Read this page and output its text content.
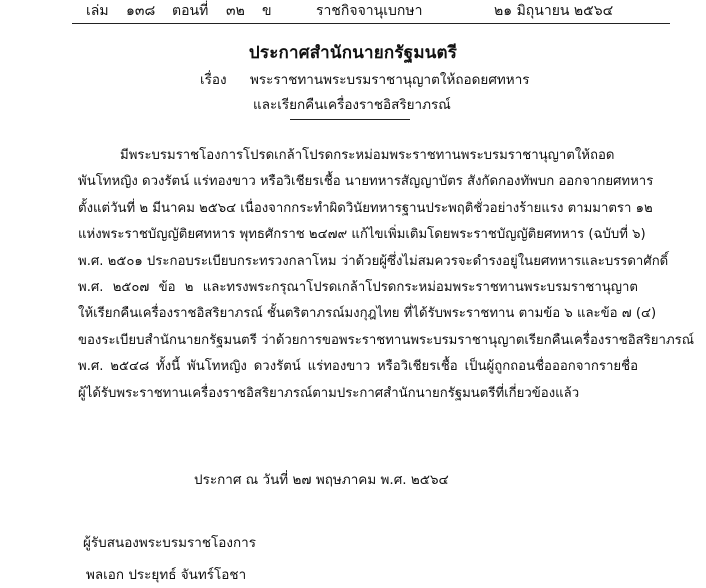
เล่ม ๑๓๘ ตอนที่ ๓๒ ข	ราชกิจจานุเบกษา	๒๑ มิถุนายน ๒๕๖๔
ประกาศสำนักนายกรัฐมนตรี
เรื่อง พระราชทานพระบรมราชานุญาตให้ถอดยศทหาร
และเรียกคืนเครื่องราชอิสริยาภรณ์
มีพระบรมราชโองการโปรดเกล้าโปรดกระหม่อมพระราชทานพระบรมราชานุญาตให้ถอด
พันโทหญิง ดวงรัตน์ แร่ทองขาว หรือวิเชียรเชื้อ นายทหารสัญญาบัตร สังกัดกองทัพบก ออกจากยศทหาร
ตั้งแต่วันที่ ๒ มีนาคม ๒๕๖๔ เนื่องจากกระทำผิดวินัยทหารฐานประพฤติชั่วอย่างร้ายแรง ตามมาตรา ๑๒
แห่งพระราชบัญญัติยศทหาร พุทธศักราช ๒๔๗๙ แก้ไขเพิ่มเติมโดยพระราชบัญญัติยศทหาร (ฉบับที่ ๖)
พ.ศ. ๒๕๐๑ ประกอบระเบียบกระทรวงกลาโหม ว่าด้วยผู้ซึ่งไม่สมควรจะดำรงอยู่ในยศทหารและบรรดาศักดิ์
พ.ศ. ๒๕๐๗ ข้อ ๒ และทรงพระกรุณาโปรดเกล้าโปรดกระหม่อมพระราชทานพระบรมราชานุญาต
ให้เรียกคืนเครื่องราชอิสริยาภรณ์ ชั้นตริตาภรณ์มงกุฎไทย ที่ได้รับพระราชทาน ตามข้อ ๖ และข้อ ๗ (๔)
ของระเบียบสำนักนายกรัฐมนตรี ว่าด้วยการขอพระราชทานพระบรมราชานุญาตเรียกคืนเครื่องราชอิสริยาภรณ์
พ.ศ. ๒๕๔๘ ทั้งนี้ พันโทหญิง ดวงรัตน์ แร่ทองขาว หรือวิเชียรเชื้อ เป็นผู้ถูกถอนชื่อออกจากรายชื่อ
ผู้ได้รับพระราชทานเครื่องราชอิสริยาภรณ์ตามประกาศสำนักนายกรัฐมนตรีที่เกี่ยวข้องแล้ว
ประกาศ ณ วันที่ ๒๗ พฤษภาคม พ.ศ. ๒๕๖๔
ผู้รับสนองพระบรมราชโองการ
พลเอก ประยุทธ์ จันทร์โอชา
